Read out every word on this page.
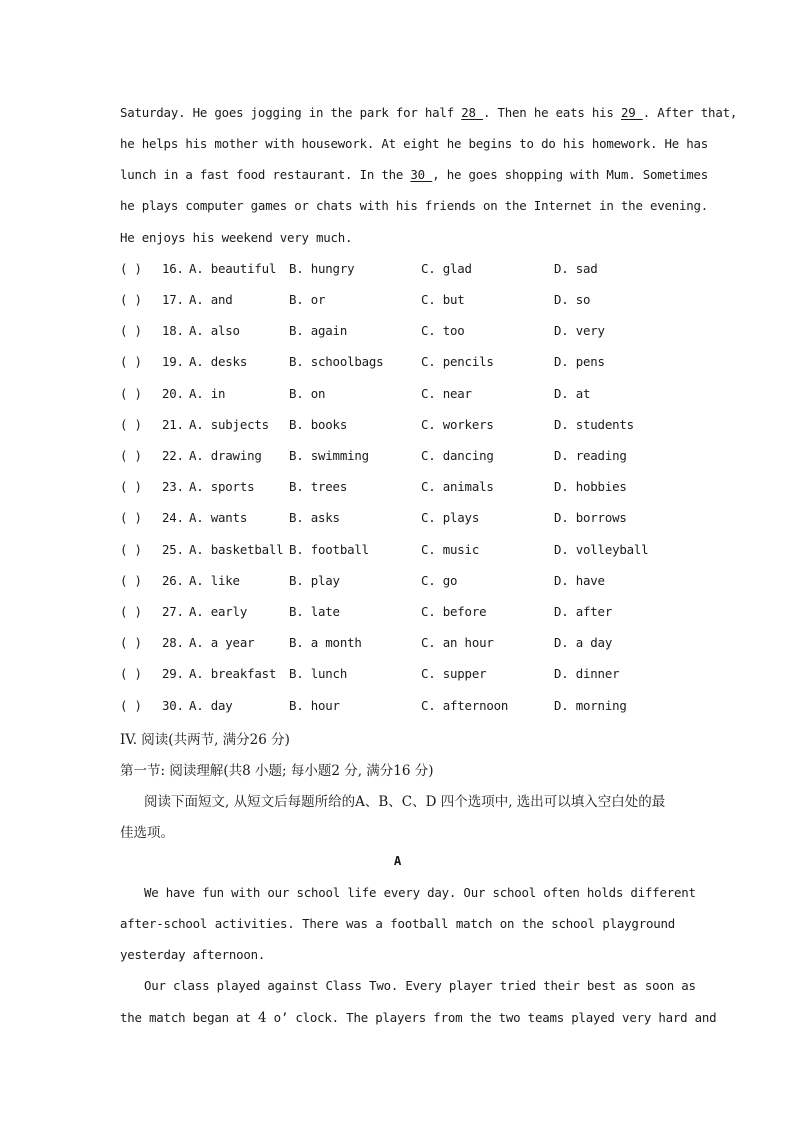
Saturday. He goes jogging in the park for half 28 . Then he eats his 29 . After that,
he helps his mother with housework. At eight he begins to do his homework. He has
lunch in a fast food restaurant. In the 30 , he goes shopping with Mum. Sometimes
he plays computer games or chats with his friends on the Internet in the evening.
He enjoys his weekend very much.
( ) 16. A. beautiful B. hungry	C. glad	D. sad
( ) 17. A. and	B. or	C. but	D. so
( ) 18. A. also	B. again	C. too	D. very
( ) 19. A. desks	B. schoolbags	C. pencils	D. pens
( ) 20. A. in	B. on	C. near	D. at
( ) 21. A. subjects B. books	C. workers	D. students
( ) 22. A. drawing B. swimming	C. dancing	D. reading
( ) 23. A. sports	B. trees	C. animals	D. hobbies
( ) 24. A. wants	B. asks	C. plays	D. borrows
( ) 25. A. basketball B. football	C. music	D. volleyball
( ) 26. A. like	B. play	C. go	D. have
( ) 27. A. early	B. late	C. before	D. after
( ) 28. A. a year	B. a month	C. an hour	D. a day
( ) 29. A. breakfast B. lunch	C. supper	D. dinner
( ) 30. A. day	B. hour	C. afternoon	D. morning
IV. 阅读(共两节, 满分26 分)
第一节: 阅读理解(共8 小题; 每小题2 分, 满分16 分)
阅读下面短文, 从短文后每题所给的A、B、C、D 四个选项中, 选出可以填入空白处的最
佳选项。
A
We have fun with our school life every day. Our school often holds different
after-school activities. There was a football match on the school playground
yesterday afternoon.
Our class played against Class Two. Every player tried their best as soon as
the match began at 4 o’ clock. The players from the two teams played very hard and
